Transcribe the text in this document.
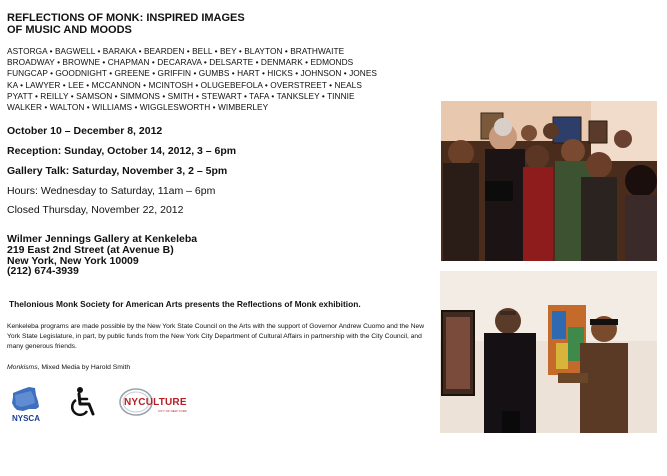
REFLECTIONS OF MONK: INSPIRED IMAGES
OF MUSIC AND MOODS
ASTORGA • BAGWELL • BARAKA • BEARDEN • BELL • BEY • BLAYTON • BRATHWAITE
BROADWAY • BROWNE • CHAPMAN • DECARAVA • DELSARTE • DENMARK • EDMONDS
FUNGCAP • GOODNIGHT • GREENE • GRIFFIN • GUMBS • HART • HICKS • JOHNSON • JONES
KA • LAWYER • LEE • MCCANNON • MCINTOSH • OLUGEBEFOLA • OVERSTREET • NEALS
PYATT • REILLY • SAMSON • SIMMONS • SMITH • STEWART • TAFA • TANKSLEY • TINNIE
WALKER • WALTON • WILLIAMS • WIGGLESWORTH • WIMBERLEY
October 10 – December 8, 2012
Reception: Sunday, October 14, 2012, 3 – 6pm
Gallery Talk: Saturday, November 3, 2 – 5pm
Hours: Wednesday to Saturday, 11am – 6pm
Closed Thursday, November 22, 2012
Wilmer Jennings Gallery at Kenkeleba
219 East 2nd Street (at Avenue B)
New York, New York 10009
(212) 674-3939
Thelonious Monk Society for American Arts presents the Reflections of Monk exhibition.
Kenkeleba programs are made possible by the New York State Council on the Arts with the support of Governor Andrew Cuomo and the New York State Legislature, in part, by public funds from the New York City Department of Cultural Affairs in partnership with the City Council, and many generous friends.
Monkisms, Mixed Media by Harold Smith
NYSCA
NYCULTURE
CITY OF NEW YORK
